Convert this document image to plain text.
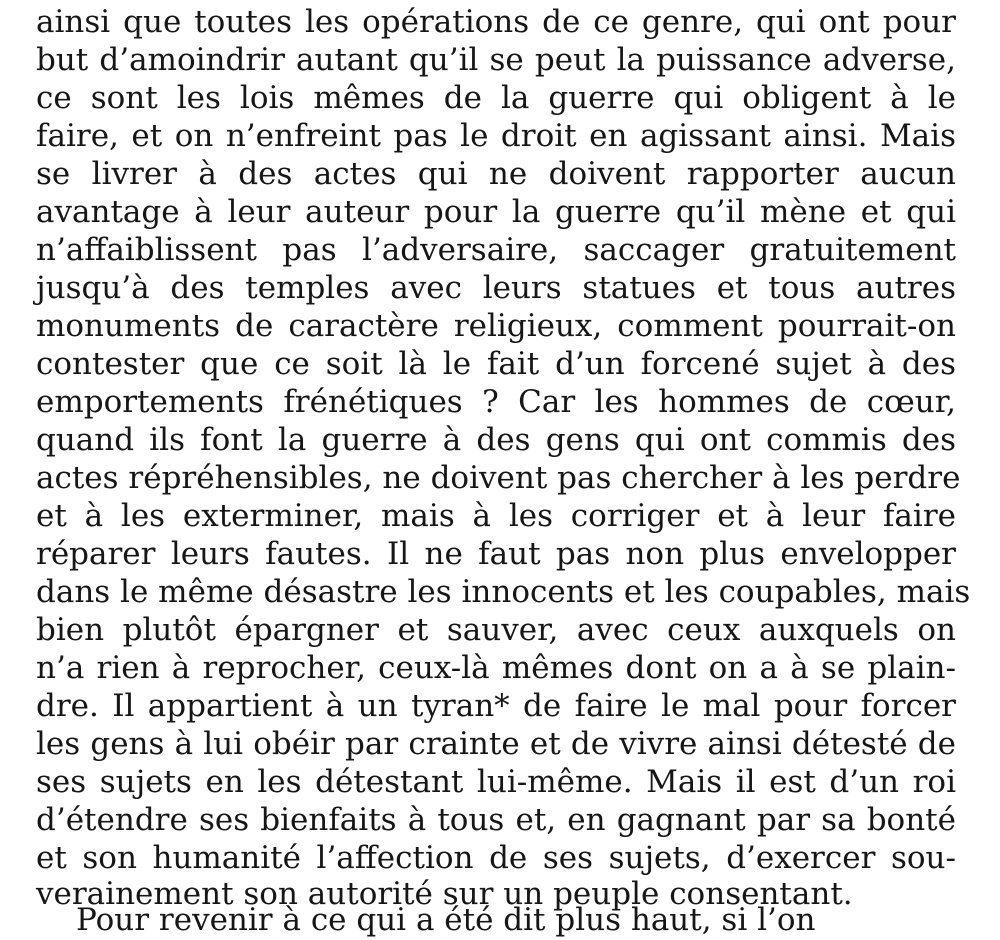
ainsi que toutes les opérations de ce genre, qui ont pour
but d’amoindrir autant qu’il se peut la puissance adverse,
ce sont les lois mêmes de la guerre qui obligent à le
faire, et on n’enfreint pas le droit en agissant ainsi. Mais
se livrer à des actes qui ne doivent rapporter aucun
avantage à leur auteur pour la guerre qu’il mène et qui
n’affaiblissent pas l’adversaire, saccager gratuitement
jusqu’à des temples avec leurs statues et tous autres
monuments de caractère religieux, comment pourrait-on
contester que ce soit là le fait d’un forcené sujet à des
emportements frénétiques ? Car les hommes de cœur,
quand ils font la guerre à des gens qui ont commis des
actes répréhensibles, ne doivent pas chercher à les perdre
et à les exterminer, mais à les corriger et à leur faire
réparer leurs fautes. Il ne faut pas non plus envelopper
dans le même désastre les innocents et les coupables, mais
bien plutôt épargner et sauver, avec ceux auxquels on
n’a rien à reprocher, ceux-là mêmes dont on a à se plain-
dre. Il appartient à un tyran* de faire le mal pour forcer
les gens à lui obéir par crainte et de vivre ainsi détesté de
ses sujets en les détestant lui-même. Mais il est d’un roi
d’étendre ses bienfaits à tous et, en gagnant par sa bonté
et son humanité l’affection de ses sujets, d’exercer sou-
verainement son autorité sur un peuple consentant.
Pour revenir à ce qui a été dit plus haut, si l’on
